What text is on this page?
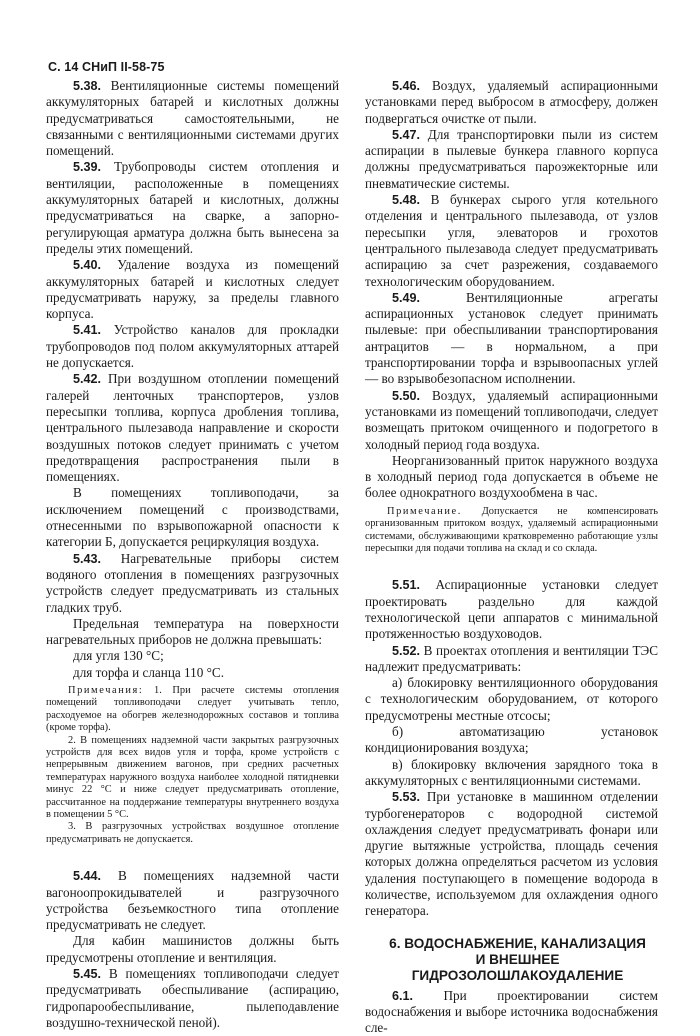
С. 14 СНиП II-58-75

5.38. Вентиляционные системы помещений аккумуляторных батарей и кислотных должны предусматриваться самостоятельными, не связанными с вентиляционными системами других помещений.

5.39. Трубопроводы систем отопления и вентиляции, расположенные в помещениях аккумуляторных батарей и кислотных, должны предусматриваться на сварке, а запорно-регулирующая арматура должна быть вынесена за пределы этих помещений.

5.40. Удаление воздуха из помещений аккумуляторных батарей и кислотных следует предусматривать наружу, за пределы главного корпуса.

5.41. Устройство каналов для прокладки трубопроводов под полом аккумуляторных аттарей не допускается.

5.42. При воздушном отоплении помещений галерей ленточных транспортеров, узлов пересыпки топлива, корпуса дробления топлива, центрального пылезавода направление и скорости воздушных потоков следует принимать с учетом предотвращения распространения пыли в помещениях.

В помещениях топливоподачи, за исключением помещений с производствами, отнесенными по взрывопожарной опасности к категории Б, допускается рециркуляция воздуха.

5.43. Нагревательные приборы систем водяного отопления в помещениях разгрузочных устройств следует предусматривать из стальных гладких труб.

Предельная температура на поверхности нагревательных приборов не должна превышать:

для угля 130 °С;

для торфа и сланца 110 °С.

Примечания: 1. При расчете системы отопления помещений топливоподачи следует учитывать тепло, расходуемое на обогрев железнодорожных составов и топлива (кроме торфа).

2. В помещениях надземной части закрытых разгрузочных устройств для всех видов угля и торфа, кроме устройств с непрерывным движением вагонов, при средних расчетных температурах наружного воздуха наиболее холодной пятидневки минус 22 °С и ниже следует предусматривать отопление, рассчитанное на поддержание температуры внутреннего воздуха в помещении 5 °С.

3. В разгрузочных устройствах воздушное отопление предусматривать не допускается.

5.44. В помещениях надземной части вагоноопрокидывателей и разгрузочного устройства безъемкостного типа отопление предусматривать не следует.

Для кабин машинистов должны быть предусмотрены отопление и вентиляция.

5.45. В помещениях топливоподачи следует предусматривать обеспыливание (аспирацию, гидропарообеспыливание, пылеподавление воздушно-технической пеной).

5.46. Воздух, удаляемый аспирационными установками перед выбросом в атмосферу, должен подвергаться очистке от пыли.

5.47. Для транспортировки пыли из систем аспирации в пылевые бункера главного корпуса должны предусматриваться пароэжекторные или пневматические системы.

5.48. В бункерах сырого угля котельного отделения и центрального пылезавода, от узлов пересыпки угля, элеваторов и грохотов центрального пылезавода следует предусматривать аспирацию за счет разрежения, создаваемого технологическим оборудованием.

5.49.	Вентиляционные агрегаты аспирационных установок следует принимать пылевые: при обеспыливании транспортирования антрацитов — в нормальном, а при транспортировании торфа и взрывоопасных углей — во взрывобезопасном исполнении.

5.50. Воздух, удаляемый аспирационными установками из помещений топливоподачи, следует возмещать притоком очищенного и подогретого в холодный период года воздуха.

Неорганизованный приток наружного воздуха в холодный период года допускается в объеме не более однократного воздухообмена в час.

Примечание. Допускается не компенсировать организованным притоком воздух, удаляемый аспирационными системами, обслуживающими кратковременно работающие узлы пересыпки для подачи топлива на склад и со склада.

5.51. Аспирационные установки следует проектировать раздельно для каждой технологической цепи аппаратов с минимальной протяженностью воздуховодов.

5.52. В проектах отопления и вентиляции ТЭС надлежит предусматривать:

а) блокировку вентиляционного оборудования с технологическим оборудованием, от которого предусмотрены местные отсосы;

б) автоматизацию установок кондиционирования воздуха;

в) блокировку включения зарядного тока в аккумуляторных с вентиляционными системами.

5.53. При установке в машинном отделении турбогенераторов с водородной системой охлаждения следует предусматривать фонари или другие вытяжные устройства, площадь сечения которых должна определяться расчетом из условия удаления поступающего в помещение водорода в количестве, используемом для охлаждения одного генератора.

6. ВОДОСНАБЖЕНИЕ, КАНАЛИЗАЦИЯ
И ВНЕШНЕЕ
ГИДРОЗОЛОШЛАКОУДАЛЕНИЕ

6.1. При проектировании систем водоснабжения и выборе источника водоснабжения сле-
